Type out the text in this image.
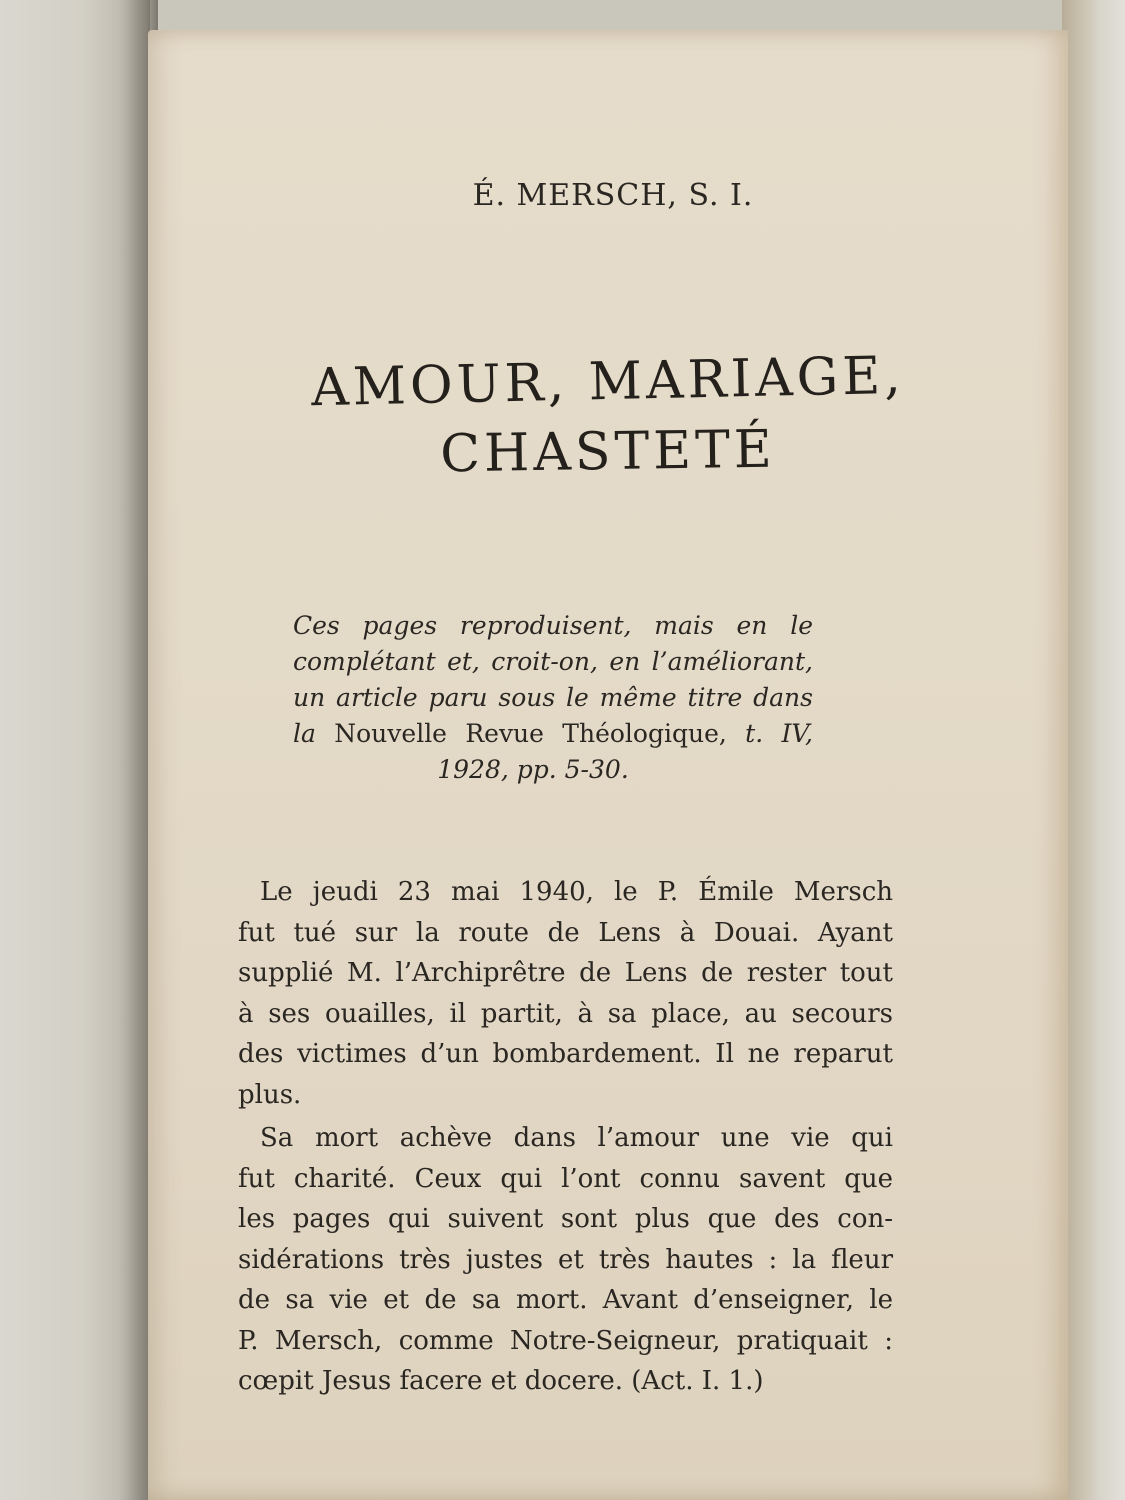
É. MERSCH, S. I.
AMOUR, MARIAGE,
CHASTETÉ
Ces pages reproduisent, mais en le
complétant et, croit-on, en l’améliorant,
un article paru sous le même titre dans
la Nouvelle Revue Théologique, t. IV,
1928, pp. 5-30.
Le jeudi 23 mai 1940, le P. Émile Mersch
fut tué sur la route de Lens à Douai. Ayant
supplié M. l’Archiprêtre de Lens de rester tout
à ses ouailles, il partit, à sa place, au secours
des victimes d’un bombardement. Il ne reparut
plus.
Sa mort achève dans l’amour une vie qui
fut charité. Ceux qui l’ont connu savent que
les pages qui suivent sont plus que des con-
sidérations très justes et très hautes : la fleur
de sa vie et de sa mort. Avant d’enseigner, le
P. Mersch, comme Notre-Seigneur, pratiquait :
cœpit Jesus facere et docere. (Act. I. 1.)
